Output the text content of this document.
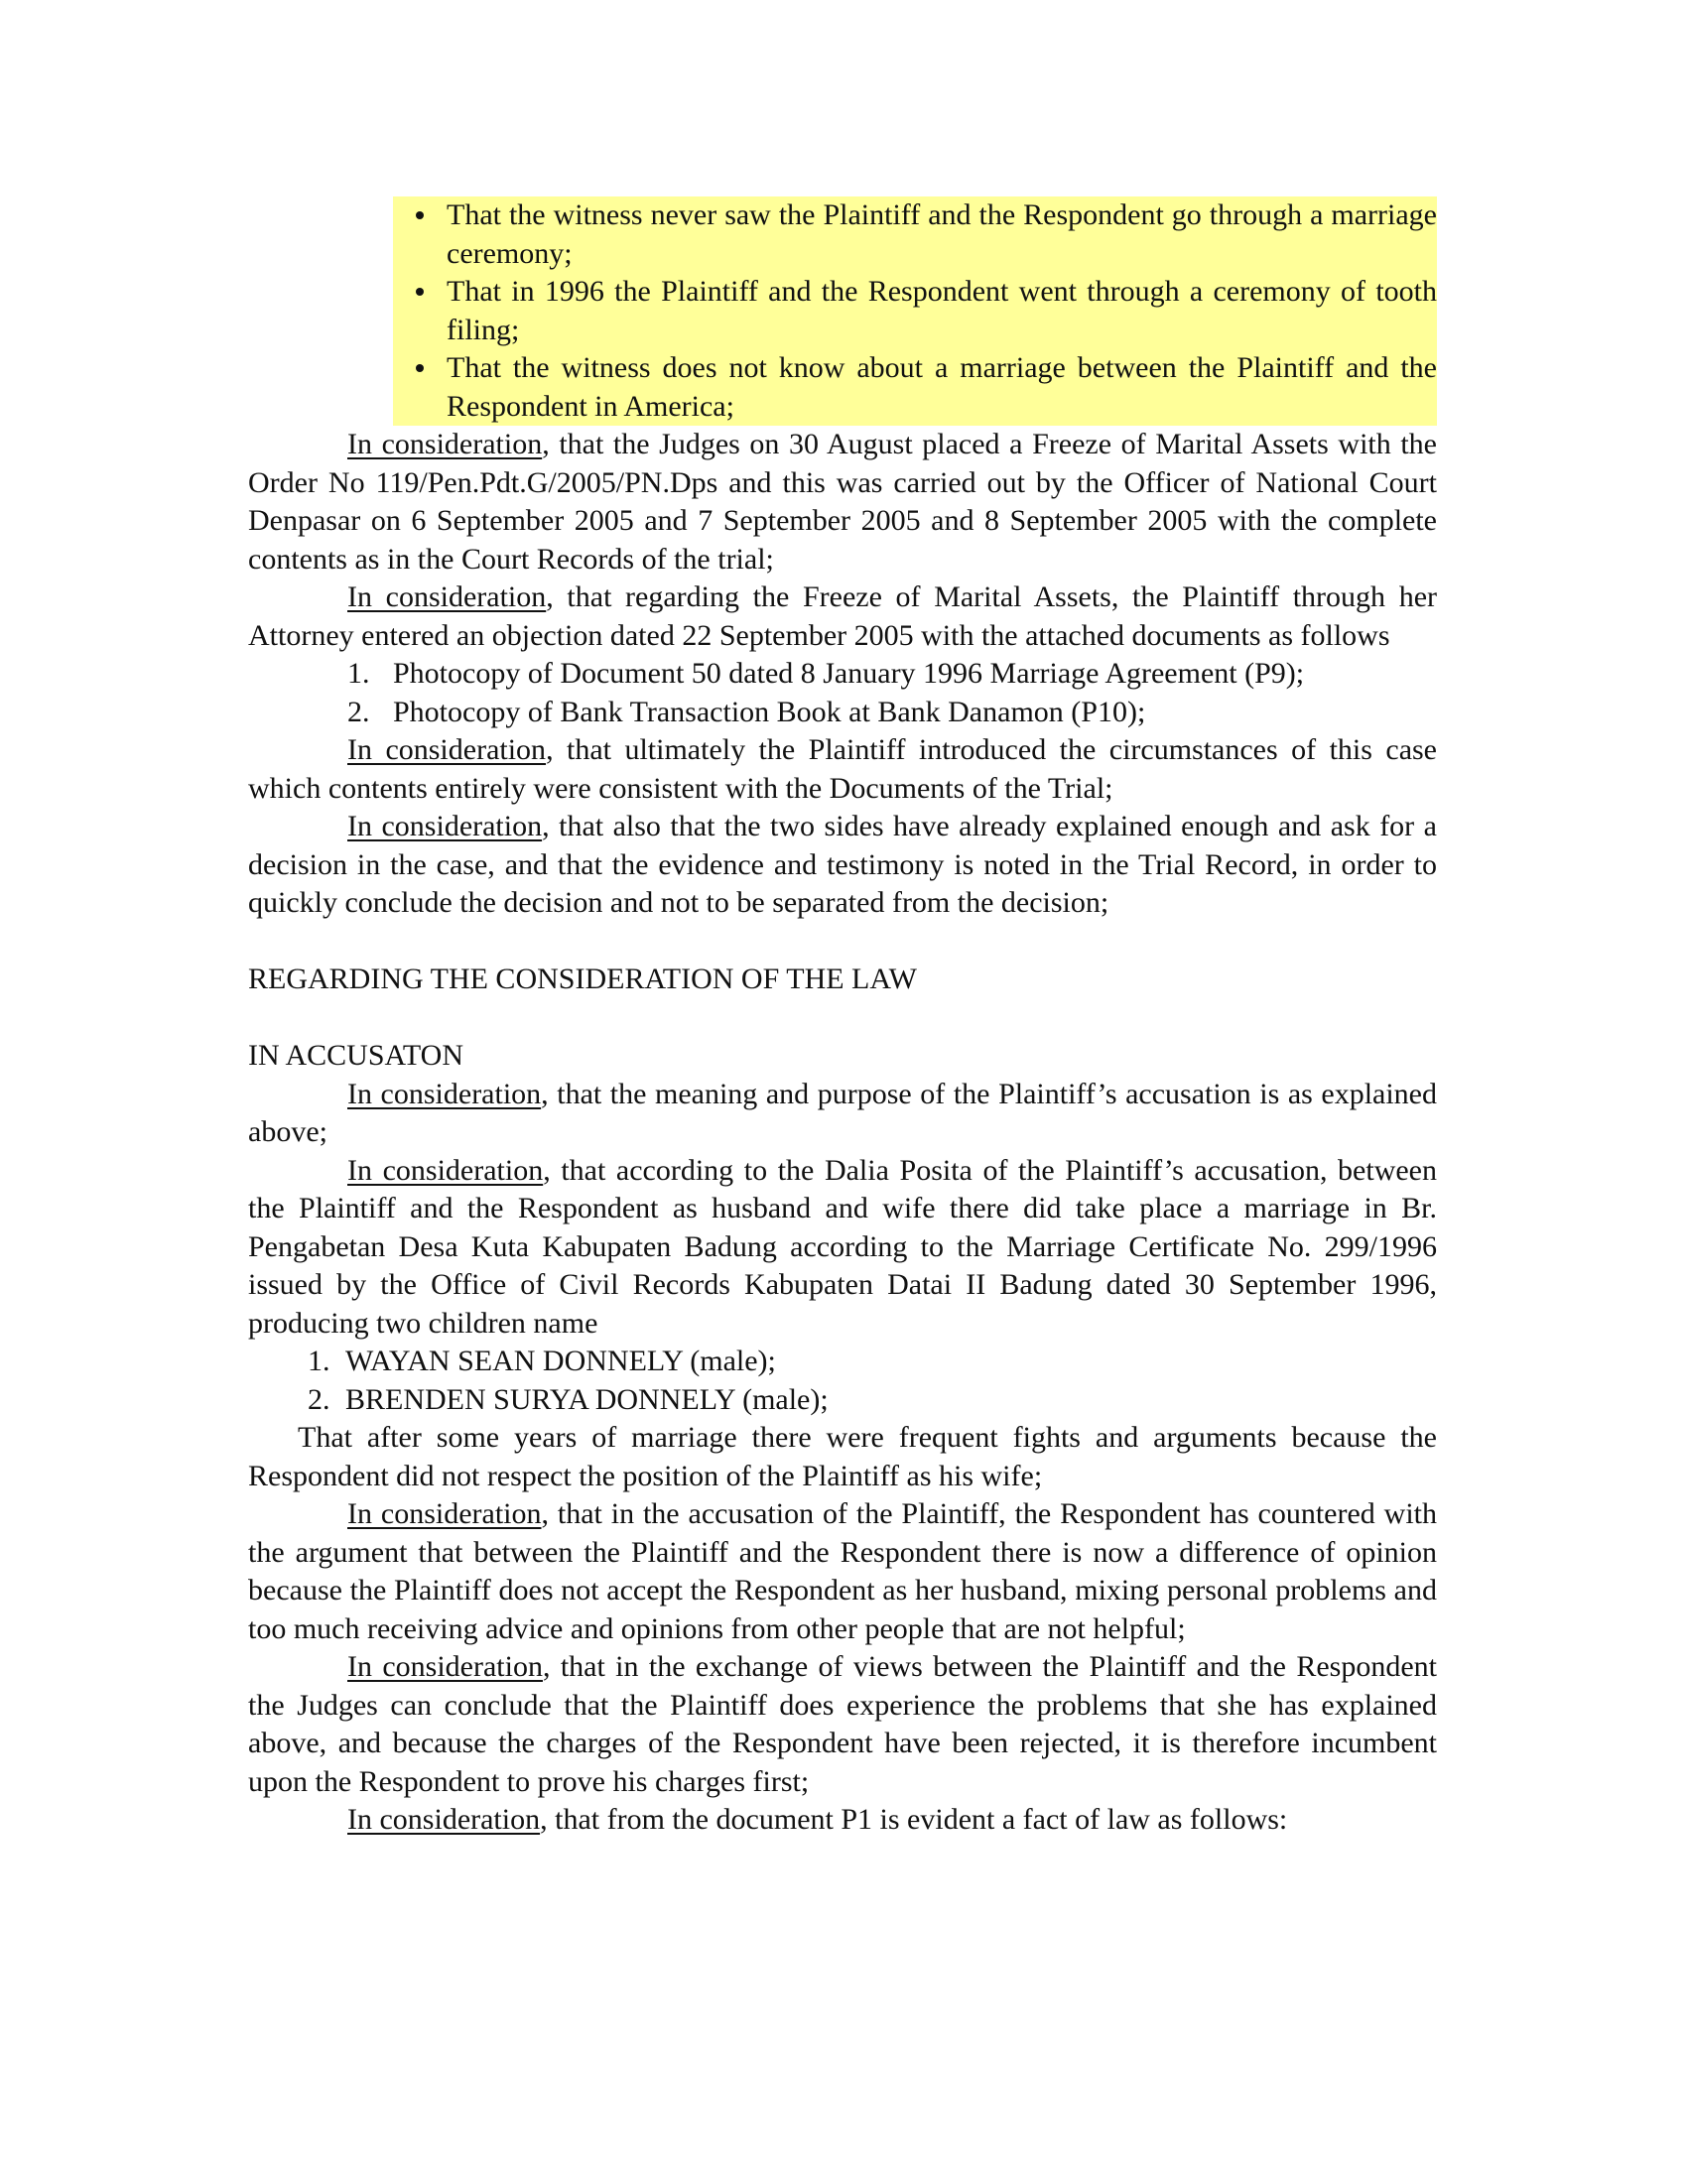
That the witness never saw the Plaintiff and the Respondent go through a marriage ceremony;
That in 1996 the Plaintiff and the Respondent went through a ceremony of tooth filing;
That the witness does not know about a marriage between the Plaintiff and the Respondent in America;

In consideration, that the Judges on 30 August placed a Freeze of Marital Assets with the Order No 119/Pen.Pdt.G/2005/PN.Dps and this was carried out by the Officer of National Court Denpasar on 6 September 2005 and 7 September 2005 and 8 September 2005 with the complete contents as in the Court Records of the trial;

In consideration, that regarding the Freeze of Marital Assets, the Plaintiff through her Attorney entered an objection dated 22 September 2005 with the attached documents as follows

1. Photocopy of Document 50 dated 8 January 1996 Marriage Agreement (P9);
2. Photocopy of Bank Transaction Book at Bank Danamon (P10);

In consideration, that ultimately the Plaintiff introduced the circumstances of this case which contents entirely were consistent with the Documents of the Trial;

In consideration, that also that the two sides have already explained enough and ask for a decision in the case, and that the evidence and testimony is noted in the Trial Record, in order to quickly conclude the decision and not to be separated from the decision;

REGARDING THE CONSIDERATION OF THE LAW

IN ACCUSATON

In consideration, that the meaning and purpose of the Plaintiff’s accusation is as explained above;

In consideration, that according to the Dalia Posita of the Plaintiff’s accusation, between the Plaintiff and the Respondent as husband and wife there did take place a marriage in Br. Pengabetan Desa Kuta Kabupaten Badung according to the Marriage Certificate No. 299/1996 issued by the Office of Civil Records Kabupaten Datai II Badung dated 30 September 1996, producing two children name

1. WAYAN SEAN DONNELY (male);
2. BRENDEN SURYA DONNELY (male);

That after some years of marriage there were frequent fights and arguments because the Respondent did not respect the position of the Plaintiff as his wife;

In consideration, that in the accusation of the Plaintiff, the Respondent has countered with the argument that between the Plaintiff and the Respondent there is now a difference of opinion because the Plaintiff does not accept the Respondent as her husband, mixing personal problems and too much receiving advice and opinions from other people that are not helpful;

In consideration, that in the exchange of views between the Plaintiff and the Respondent the Judges can conclude that the Plaintiff does experience the problems that she has explained above, and because the charges of the Respondent have been rejected, it is therefore incumbent upon the Respondent to prove his charges first;

In consideration, that from the document P1 is evident a fact of law as follows:
